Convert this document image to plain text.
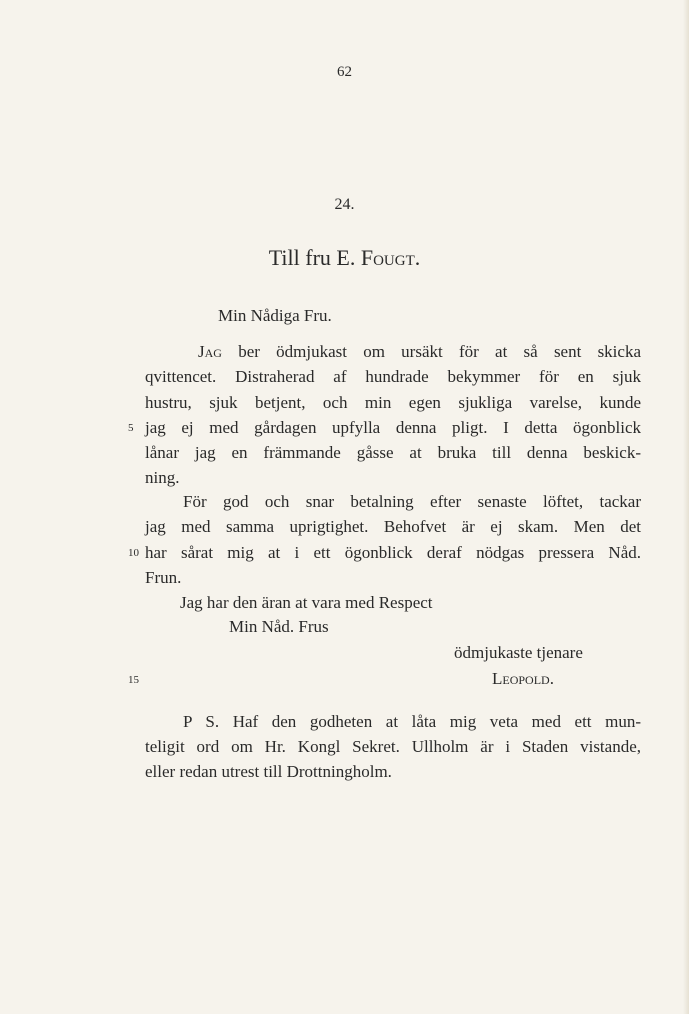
62
24.
Till fru E. Fougt.
Min Nådiga Fru.
Jag ber ödmjukast om ursäkt för at så sent skicka
qvittencet. Distraherad af hundrade bekymmer för en sjuk
hustru, sjuk betjent, och min egen sjukliga varelse, kunde
5 jag ej med gårdagen upfylla denna pligt. I detta ögonblick
lånar jag en främmande gåsse at bruka till denna beskick-
ning.
För god och snar betalning efter senaste löftet, tackar
jag med samma uprigtighet. Behofvet är ej skam. Men det
10 har sårat mig at i ett ögonblick deraf nödgas pressera Nåd.
Frun.
Jag har den äran at vara med Respect
Min Nåd. Frus
ödmjukaste tjenare
15	Leopold.
P S. Haf den godheten at låta mig veta med ett mun-
teligit ord om Hr. Kongl Sekret. Ullholm är i Staden vistande,
eller redan utrest till Drottningholm.
